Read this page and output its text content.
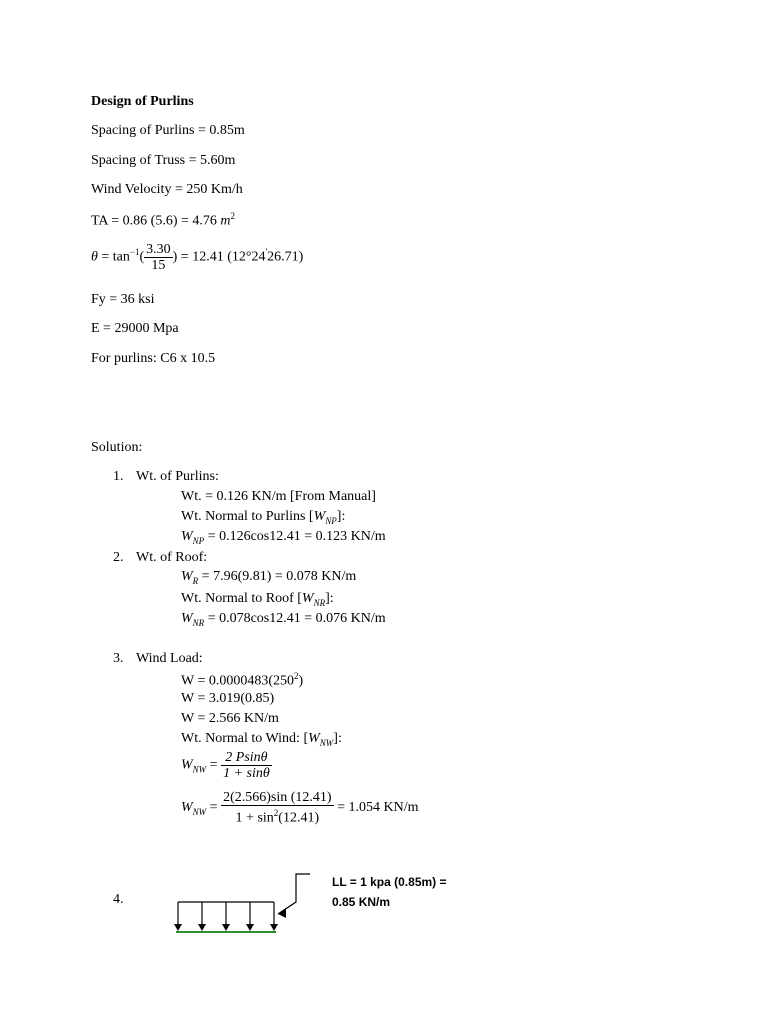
Design of Purlins
Spacing of Purlins = 0.85m
Spacing of Truss = 5.60m
Wind Velocity = 250 Km/h
TA = 0.86 (5.6) = 4.76 $m^2$
$\theta = \tan^{-1}( \frac{3.30}{15}$ ) = 12.41 (12°24'26.71)
Fy = 36 ksi
E = 29000 Mpa
For purlins: C6 x 10.5
Solution:
1. Wt. of Purlins:
Wt. = 0.126 KN/m [From Manual]
Wt. Normal to Purlins $[W_{NP}]$:
$W_{NP} = 0.126\cos 12.41 = 0.123$ KN/m
2. Wt. of Roof:
$W_R = 7.96(9.81) = 0.078$ KN/m
Wt. Normal to Roof $[W_{NR}]$:
$W_{NR} = 0.078\cos 12.41 = 0.076$ KN/m
3. Wind Load:
$W = 0.0000483(250^2)$
W = 3.019(0.85)
W = 2.566 KN/m
Wt. Normal to Wind: $[W_{NW}]$:
$W_{NW} = \frac{2 Psin\theta}{1 + \sin\theta}$
$W_{NW} = \frac{2(2.566)\sin (12.41)}{1 + \sin^2(12.41)} = 1.054$ KN/m
4.
LL = 1 kpa (0.85m) =
0.85 KN/m
